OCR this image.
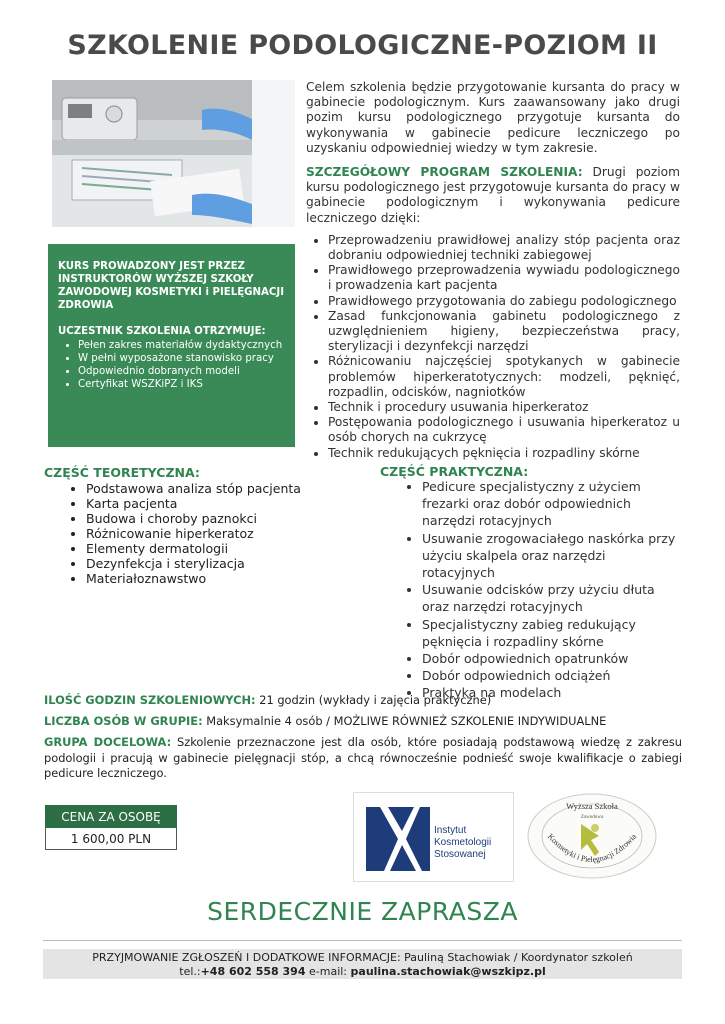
SZKOLENIE PODOLOGICZNE-POZIOM II
KURS PROWADZONY JEST PRZEZ INSTRUKTORÓW WYŻSZEJ SZKOŁY ZAWODOWEJ KOSMETYKI i PIELĘGNACJI ZDROWIA
UCZESTNIK SZKOLENIA OTRZYMUJE:
• Pełen zakres materiałów dydaktycznych
• W pełni wyposażone stanowisko pracy
• Odpowiednio dobranych modeli
• Certyfikat WSZKiPZ i IKS

Celem szkolenia będzie przygotowanie kursanta do pracy w gabinecie podologicznym. Kurs zaawansowany jako drugi pozim kursu podologicznego przygotuje kursanta do wykonywania w gabinecie pedicure leczniczego po uzyskaniu odpowiedniej wiedzy w tym zakresie.

SZCZEGÓŁOWY PROGRAM SZKOLENIA: Drugi poziom kursu podologicznego jest przygotowuje kursanta do pracy w gabinecie podologicznym i wykonywania pedicure leczniczego dzięki:

• Przeprowadzeniu prawidłowej analizy stóp pacjenta oraz dobraniu odpowiedniej techniki zabiegowej
• Prawidłowego przeprowadzenia wywiadu podologicznego i prowadzenia kart pacjenta
• Prawidłowego przygotowania do zabiegu podologicznego
• Zasad funkcjonowania gabinetu podologicznego z uzwględnieniem higieny, bezpieczeństwa pracy, sterylizacji i dezynfekcji narzędzi
• Różnicowaniu najczęściej spotykanych w gabinecie problemów hiperkeratotycznych: modzeli, pęknięć, rozpadlin, odcisków, nagniotków
• Technik i procedury usuwania hiperkeratoz
• Postępowania podologicznego i usuwania hiperkeratoz u osób chorych na cukrzycę
• Technik redukujących pęknięcia i rozpadliny skórne
CZĘŚĆ TEORETYCZNA:
• Podstawowa analiza stóp pacjenta
• Karta pacjenta
• Budowa i choroby paznokci
• Różnicowanie hiperkeratoz
• Elementy dermatologii
• Dezynfekcja i sterylizacja
• Materiałoznawstwo
CZĘŚĆ PRAKTYCZNA:
• Pedicure specjalistyczny z użyciem frezarki oraz dobór odpowiednich narzędzi rotacyjnych
• Usuwanie zrogowaciałego naskórka przy użyciu skalpela oraz narzędzi rotacyjnych
• Usuwanie odcisków przy użyciu dłuta oraz narzędzi rotacyjnych
• Specjalistyczny zabieg redukujący pęknięcia i rozpadliny skórne
• Dobór odpowiednich opatrunków
• Dobór odpowiednich odciążeń
• Praktyka na modelach
ILOŚĆ GODZIN SZKOLENIOWYCH: 21 godzin (wykłady i zajęcia praktyczne)
LICZBA OSÓB W GRUPIE: Maksymalnie 4 osób / MOŻLIWE RÓWNIEŻ SZKOLENIE INDYWIDUALNE
GRUPA DOCELOWA: Szkolenie przeznaczone jest dla osób, które posiadają podstawową wiedzę z zakresu podologii i pracują w gabinecie pielęgnacji stóp, a chcą równocześnie podnieść swoje kwalifikacje o zabiegi pedicure leczniczego.
CENA ZA OSOBĘ
1 600,00 PLN
Instytut
Kosmetologii
Stosowanej
Wyższa Szkoła
Zawodowa
Kosmetyki i Pielęgnacji Zdrowia
SERDECZNIE ZAPRASZA
PRZYJMOWANIE ZGŁOSZEŃ I DODATKOWE INFORMACJE: Pauliną Stachowiak / Koordynator szkoleń
tel.:+48 602 558 394 e-mail: paulina.stachowiak@wszkipz.pl
